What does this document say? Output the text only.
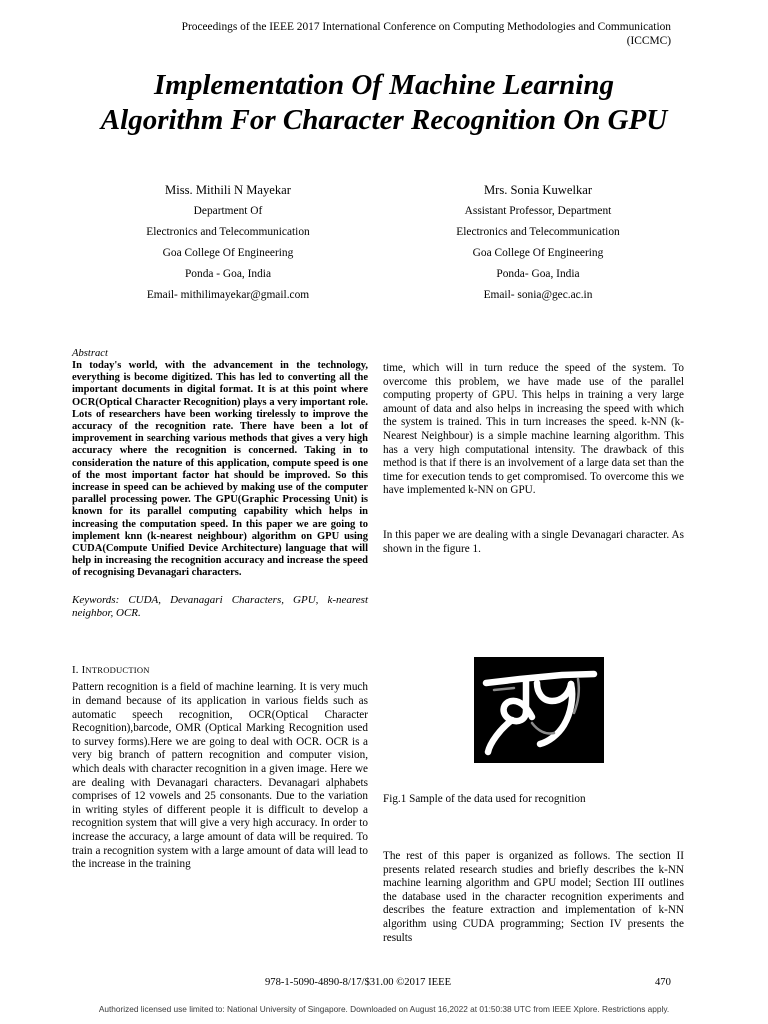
Proceedings of the IEEE 2017 International Conference on Computing Methodologies and Communication
(ICCMC)
Implementation Of Machine Learning
Algorithm For Character Recognition On GPU
Miss. Mithili N Mayekar
Department Of
Electronics and Telecommunication
Goa College Of Engineering
Ponda - Goa, India
Email- mithilimayekar@gmail.com
Mrs. Sonia Kuwelkar
Assistant Professor, Department
Electronics and Telecommunication
Goa College Of Engineering
Ponda- Goa, India
Email- sonia@gec.ac.in
Abstract
In today's world, with the advancement in the technology, everything is become digitized. This has led to converting all the important documents in digital format. It is at this point where OCR(Optical Character Recognition) plays a very important role. Lots of researchers have been working tirelessly to improve the accuracy of the recognition rate. There have been a lot of improvement in searching various methods that gives a very high accuracy where the recognition is concerned. Taking in to consideration the nature of this application, compute speed is one of the most important factor hat should be improved. So this increase in speed can be achieved by making use of the computer parallel processing power. The GPU(Graphic Processing Unit) is known for its parallel computing capability which helps in increasing the computation speed. In this paper we are going to implement knn (k-nearest neighbour) algorithm on GPU using CUDA(Compute Unified Device Architecture) language that will help in increasing the recognition accuracy and increase the speed of recognising Devanagari characters.
Keywords: CUDA, Devanagari Characters, GPU, k-nearest neighbor, OCR.
I. INTRODUCTION
Pattern recognition is a field of machine learning. It is very much in demand because of its application in various fields such as automatic speech recognition, OCR(Optical Character Recognition),barcode, OMR (Optical Marking Recognition used to survey forms).Here we are going to deal with OCR. OCR is a very big branch of pattern recognition and computer vision, which deals with character recognition in a given image. Here we are dealing with Devanagari characters. Devanagari alphabets comprises of 12 vowels and 25 consonants. Due to the variation in writing styles of different people it is difficult to develop a recognition system that will give a very high accuracy. In order to increase the accuracy, a large amount of data will be required. To train a recognition system with a large amount of data will lead to the increase in the training
time, which will in turn reduce the speed of the system. To overcome this problem, we have made use of the parallel computing property of GPU. This helps in training a very large amount of data and also helps in increasing the speed with which the system is trained. This in turn increases the speed. k-NN (k-Nearest Neighbour) is a simple machine learning algorithm. This has a very high computational intensity. The drawback of this method is that if there is an involvement of a large data set than the time for execution tends to get compromised. To overcome this we have implemented k-NN on GPU.
In this paper we are dealing with a single Devanagari character. As shown in the figure 1.
Fig.1 Sample of the data used for recognition
The rest of this paper is organized as follows. The section II presents related research studies and briefly describes the k-NN machine learning algorithm and GPU model; Section III outlines the database used in the character recognition experiments and describes the feature extraction and implementation of k-NN algorithm using CUDA programming; Section IV presents the results
978-1-5090-4890-8/17/$31.00 ©2017 IEEE	470
Authorized licensed use limited to: National University of Singapore. Downloaded on August 16,2022 at 01:50:38 UTC from IEEE Xplore. Restrictions apply.
